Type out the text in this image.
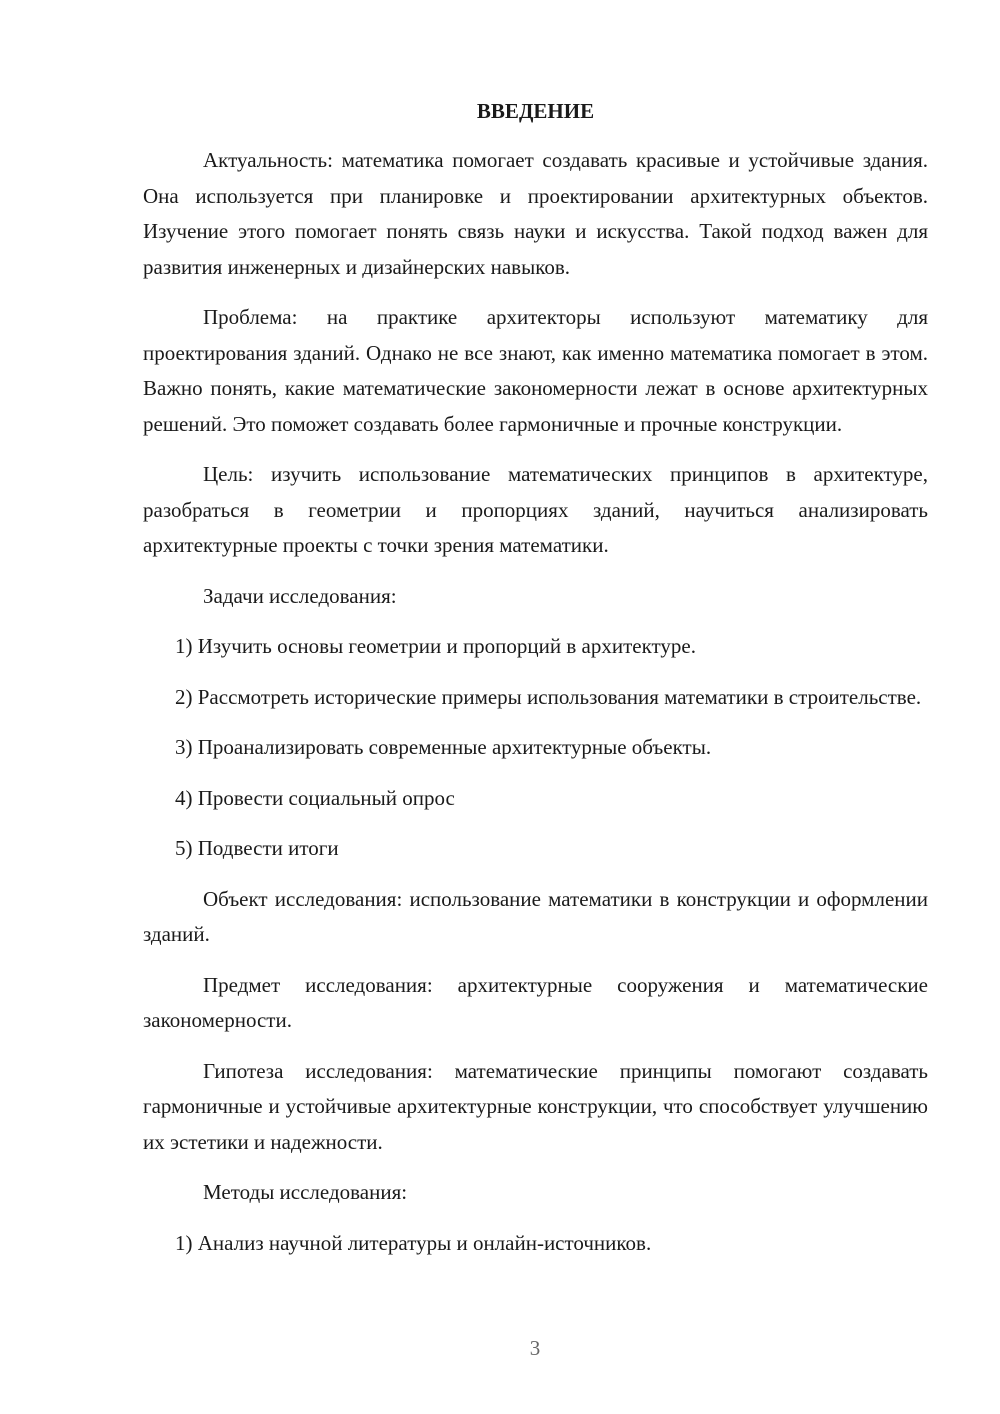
ВВЕДЕНИЕ

Актуальность: математика помогает создавать красивые и устойчивые здания. Она используется при планировке и проектировании архитектурных объектов. Изучение этого помогает понять связь науки и искусства. Такой подход важен для развития инженерных и дизайнерских навыков.

Проблема: на практике архитекторы используют математику для проектирования зданий. Однако не все знают, как именно математика помогает в этом. Важно понять, какие математические закономерности лежат в основе архитектурных решений. Это поможет создавать более гармоничные и прочные конструкции.

Цель: изучить использование математических принципов в архитектуре, разобраться в геометрии и пропорциях зданий, научиться анализировать архитектурные проекты с точки зрения математики.

Задачи исследования:

1) Изучить основы геометрии и пропорций в архитектуре.

2) Рассмотреть исторические примеры использования математики в строительстве.

3) Проанализировать современные архитектурные объекты.

4) Провести социальный опрос

5) Подвести итоги

Объект исследования: использование математики в конструкции и оформлении зданий.

Предмет исследования: архитектурные сооружения и математические закономерности.

Гипотеза исследования: математические принципы помогают создавать гармоничные и устойчивые архитектурные конструкции, что способствует улучшению их эстетики и надежности.

Методы исследования:

1) Анализ научной литературы и онлайн-источников.

3
